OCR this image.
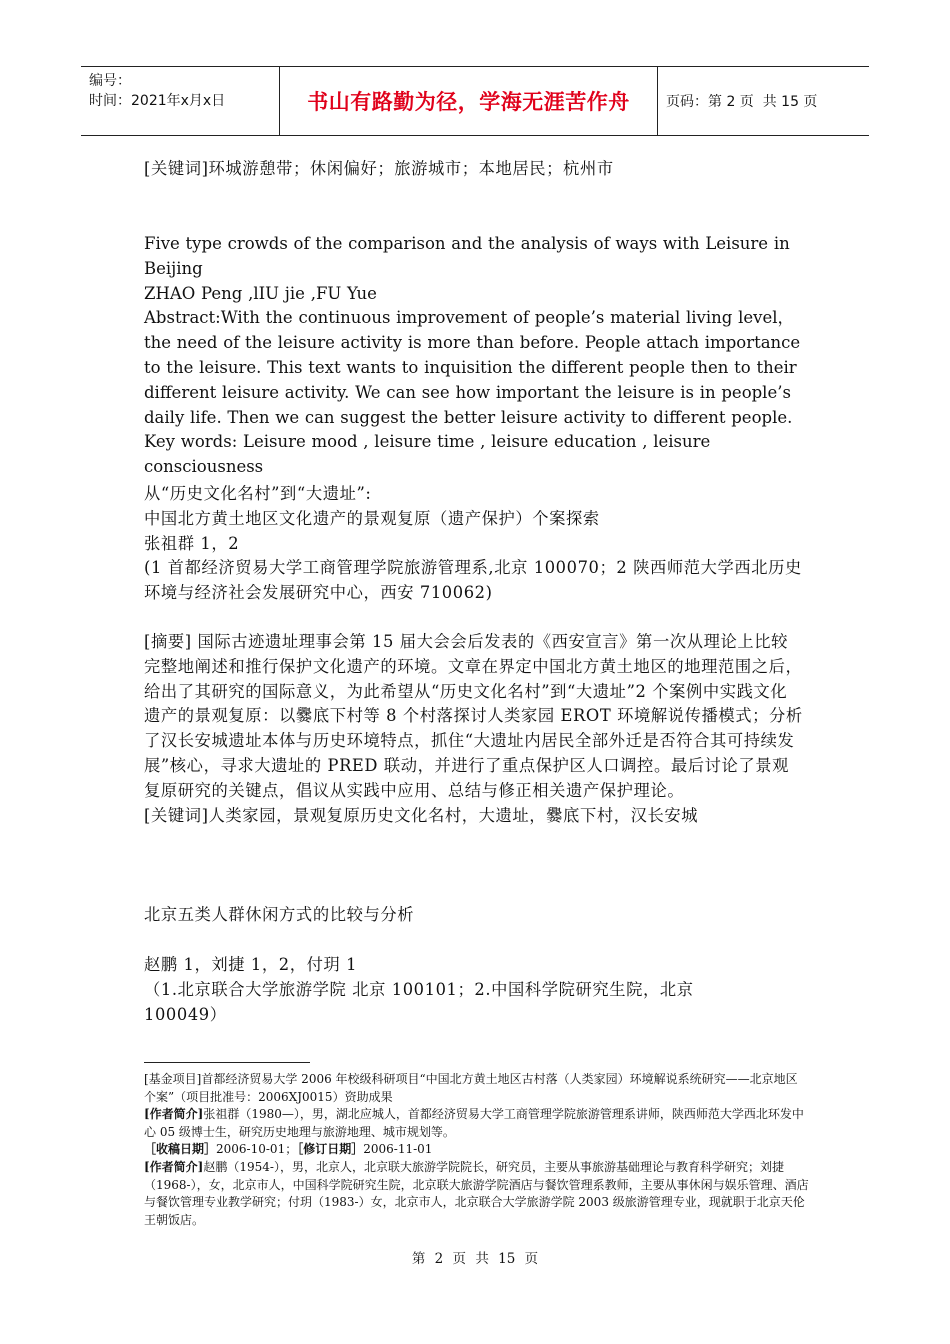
编号：
时间：2021年x月x日	书山有路勤为径，学海无涯苦作舟	页码：第 2 页  共 15 页
[关键词]环城游憩带；休闲偏好；旅游城市；本地居民；杭州市

Five type crowds of the comparison and the analysis of ways with Leisure in Beijing

ZHAO Peng ,lIU jie ,FU Yue

Abstract:With the continuous improvement of people’s material living level，the need of the leisure activity is more than before. People attach importance to the leisure. This text wants to inquisition the different people then to their different leisure activity. We can see how important the leisure is in people’s daily life. Then we can suggest the better leisure activity to different people.

Key words: Leisure mood , leisure time , leisure education , leisure consciousness

从“历史文化名村”到“大遗址”:

中国北方黄土地区文化遗产的景观复原（遗产保护）个案探索

张祖群 1，2

(1 首都经济贸易大学工商管理学院旅游管理系,北京 100070；2 陕西师范大学西北历史环境与经济社会发展研究中心，西安 710062)

[摘要] 国际古迹遗址理事会第 15 届大会会后发表的《西安宣言》第一次从理论上比较完整地阐述和推行保护文化遗产的环境。文章在界定中国北方黄土地区的地理范围之后，给出了其研究的国际意义，为此希望从“历史文化名村”到“大遗址”2 个案例中实践文化遗产的景观复原：以爨底下村等 8 个村落探讨人类家园 EROT 环境解说传播模式；分析了汉长安城遗址本体与历史环境特点，抓住“大遗址内居民全部外迁是否符合其可持续发展”核心，寻求大遗址的 PRED 联动，并进行了重点保护区人口调控。最后讨论了景观复原研究的关键点，倡议从实践中应用、总结与修正相关遗产保护理论。

[关键词]人类家园，景观复原历史文化名村，大遗址，爨底下村，汉长安城

北京五类人群休闲方式的比较与分析

赵鹏 1，刘捷 1，2，付玥 1

（1.北京联合大学旅游学院 北京 100101；2.中国科学院研究生院，北京 100049）

[基金项目]首都经济贸易大学 2006 年校级科研项目“中国北方黄土地区古村落（人类家园）环境解说系统研究——北京地区个案”（项目批准号：2006XJ0015）资助成果
[作者简介]张祖群（1980—），男，湖北应城人，首都经济贸易大学工商管理学院旅游管理系讲师，陕西师范大学西北环发中心 05 级博士生，研究历史地理与旅游地理、城市规划等。
［收稿日期］2006-10-01；［修订日期］2006-11-01
[作者简介]赵鹏（1954-），男，北京人，北京联大旅游学院院长，研究员，主要从事旅游基础理论与教育科学研究；刘捷（1968-），女，北京市人，中国科学院研究生院，北京联大旅游学院酒店与餐饮管理系教师，主要从事休闲与娱乐管理、酒店与餐饮管理专业教学研究；付玥（1983-）女，北京市人，北京联合大学旅游学院 2003 级旅游管理专业，现就职于北京天伦王朝饭店。
第 2 页 共 15 页
